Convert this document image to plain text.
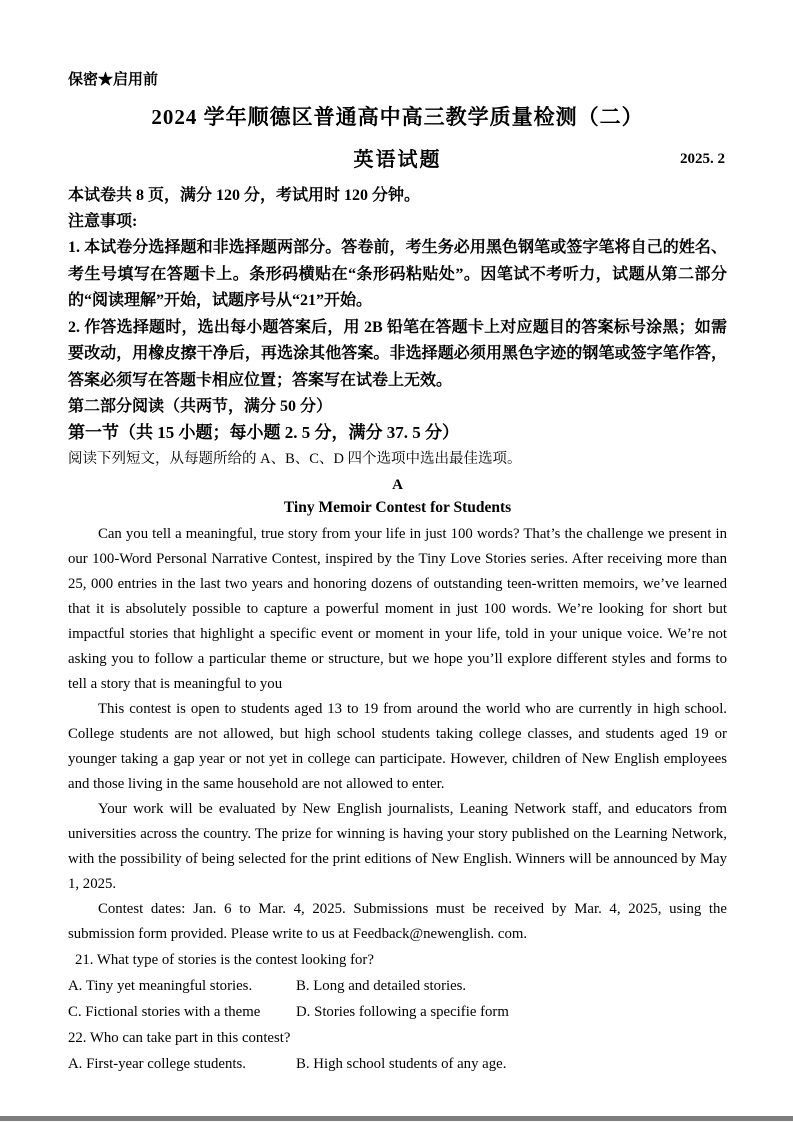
保密★启用前
2024 学年顺德区普通高中高三教学质量检测（二）
英语试题	2025. 2
本试卷共 8 页，满分 120 分，考试用时 120 分钟。
注意事项:
1. 本试卷分选择题和非选择题两部分。答卷前，考生务必用黑色钢笔或签字笔将自己的姓名、 考生号填写在答题卡上。条形码横贴在“条形码粘贴处”。因笔试不考听力，试题从第二部分的“阅读理解”开始，试题序号从“21”开始。
2. 作答选择题时，选出每小题答案后，用 2B 铅笔在答题卡上对应题目的答案标号涂黑；如需 要改动，用橡皮擦干净后，再选涂其他答案。非选择题必须用黑色字迹的钢笔或签字笔作答， 答案必须写在答题卡相应位置；答案写在试卷上无效。
第二部分阅读（共两节，满分 50 分）
第一节（共 15 小题；每小题 2. 5 分，满分 37. 5 分）
阅读下列短文，从每题所给的 A、B、C、D 四个选项中选出最佳选项。
A
Tiny Memoir Contest for Students

Can you tell a meaningful, true story from your life in just 100 words? That’s the challenge we present in our 100-Word Personal Narrative Contest, inspired by the Tiny Love Stories series. After receiving more than 25, 000 entries in the last two years and honoring dozens of outstanding teen-written memoirs, we’ve learned that it is absolutely possible to capture a powerful moment in just 100 words. We’re looking for short but impactful stories that highlight a specific event or moment in your life, told in your unique voice. We’re not asking you to follow a particular theme or structure, but we hope you’ll explore different styles and forms to tell a story that is meaningful to you

This contest is open to students aged 13 to 19 from around the world who are currently in high school. College students are not allowed, but high school students taking college classes, and students aged 19 or younger taking a gap year or not yet in college can participate. However, children of New English employees and those living in the same household are not allowed to enter.

Your work will be evaluated by New English journalists, Leaning Network staff, and educators from universities across the country. The prize for winning is having your story published on the Learning Network, with the possibility of being selected for the print editions of New English. Winners will be announced by May 1, 2025.

Contest dates: Jan. 6 to Mar. 4, 2025. Submissions must be received by Mar. 4, 2025, using the submission form provided. Please write to us at Feedback@newenglish. com.

21. What type of stories is the contest looking for?
A. Tiny yet meaningful stories.	B. Long and detailed stories.
C. Fictional stories with a theme	D. Stories following a specifie form
22. Who can take part in this contest?
A. First-year college students.	B. High school students of any age.
